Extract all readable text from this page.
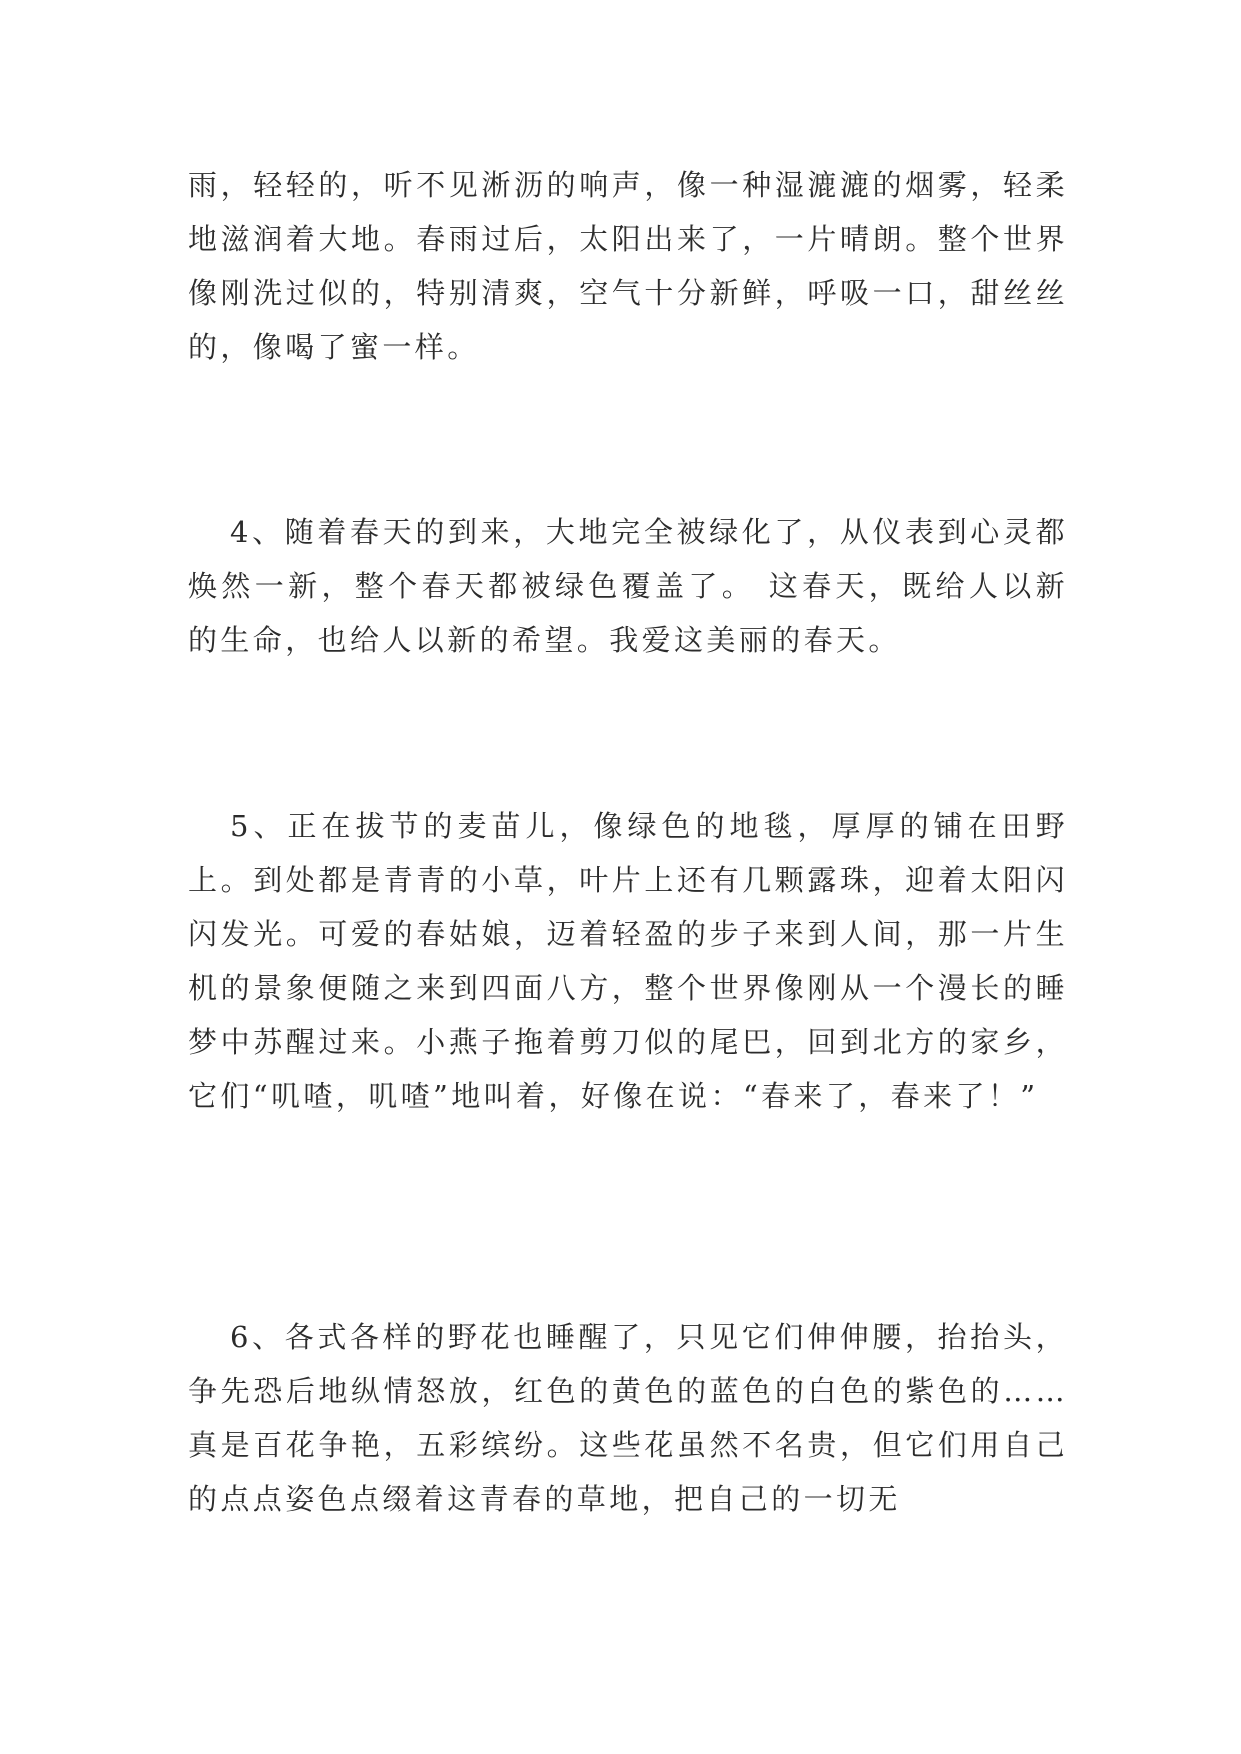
雨，轻轻的，听不见淅沥的响声，像一种湿漉漉的烟雾，轻柔地滋润着大地。春雨过后，太阳出来了，一片晴朗。整个世界像刚洗过似的，特别清爽，空气十分新鲜，呼吸一口，甜丝丝的，像喝了蜜一样。

4、随着春天的到来，大地完全被绿化了，从仪表到心灵都焕然一新，整个春天都被绿色覆盖了。 这春天，既给人以新的生命，也给人以新的希望。我爱这美丽的春天。

5、正在拔节的麦苗儿，像绿色的地毯，厚厚的铺在田野上。到处都是青青的小草，叶片上还有几颗露珠，迎着太阳闪闪发光。可爱的春姑娘，迈着轻盈的步子来到人间，那一片生机的景象便随之来到四面八方，整个世界像刚从一个漫长的睡梦中苏醒过来。小燕子拖着剪刀似的尾巴，回到北方的家乡，它们“叽喳，叽喳”地叫着，好像在说：“春来了，春来了！”

6、各式各样的野花也睡醒了，只见它们伸伸腰，抬抬头，争先恐后地纵情怒放，红色的黄色的蓝色的白色的紫色的……真是百花争艳，五彩缤纷。这些花虽然不名贵，但它们用自己的点点姿色点缀着这青春的草地，把自己的一切无
